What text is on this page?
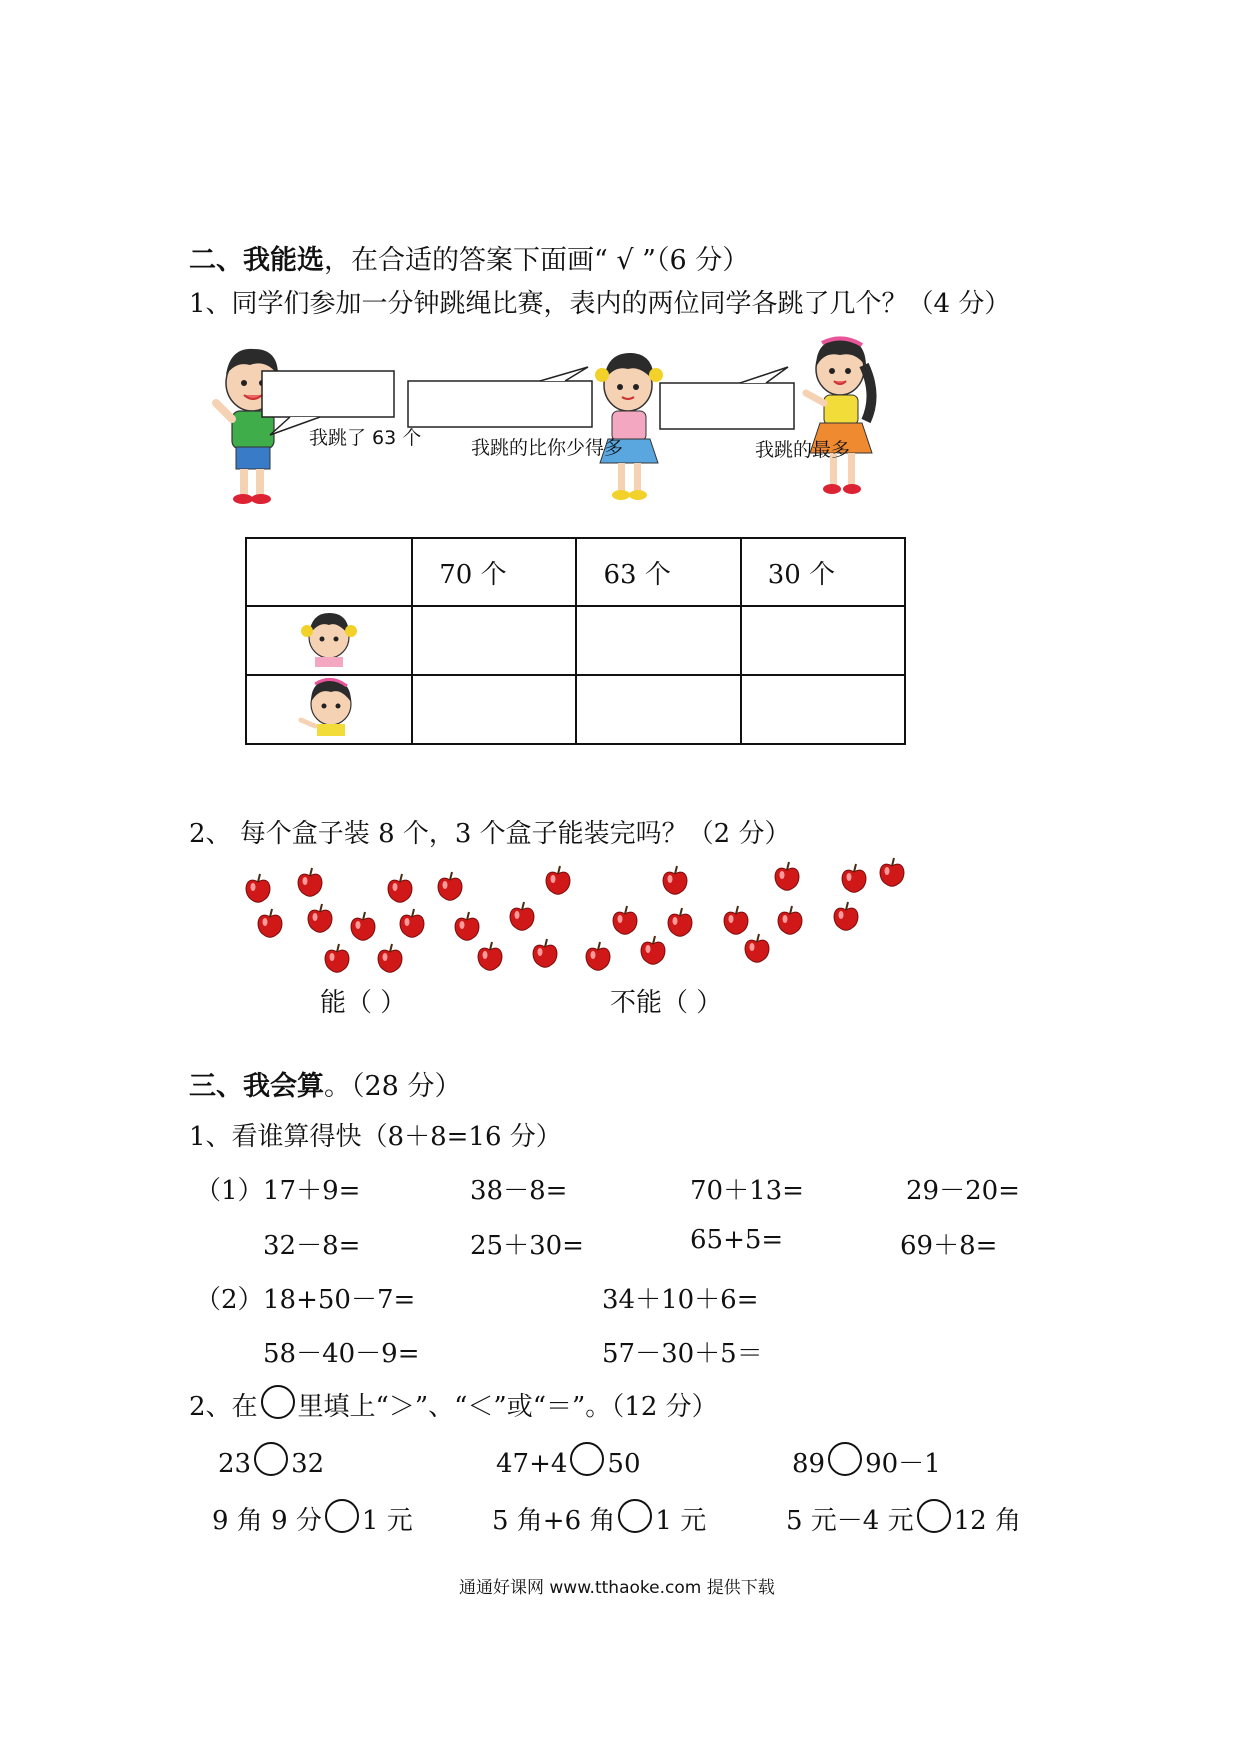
二、我能选，在合适的答案下面画“ √ ”（6 分）
1、同学们参加一分钟跳绳比赛，表内的两位同学各跳了几个？（4 分）
我跳了 63 个	我跳的比你少得多	我跳的最多
	70 个	63 个	30 个

2、 每个盒子装 8 个，3 个盒子能装完吗？（2 分）
能（ ）	不能（ ）
三、我会算。（28 分）
1、看谁算得快（8＋8=16 分）
（1） 17＋9=	38－8=	70＋13=	29－20=
32－8=	25＋30=	65+5=	69＋8=
（2） 18+50－7=	34＋10＋6=
58－40－9=	57－30＋5＝
2、在 里填上“＞”、“＜”或“＝”。（12 分）
23 32	47+4 50	89 90－1
9 角 9 分 1 元	5 角+6 角 1 元	5 元－4 元 12 角
通通好课网 www.tthaoke.com 提供下载
